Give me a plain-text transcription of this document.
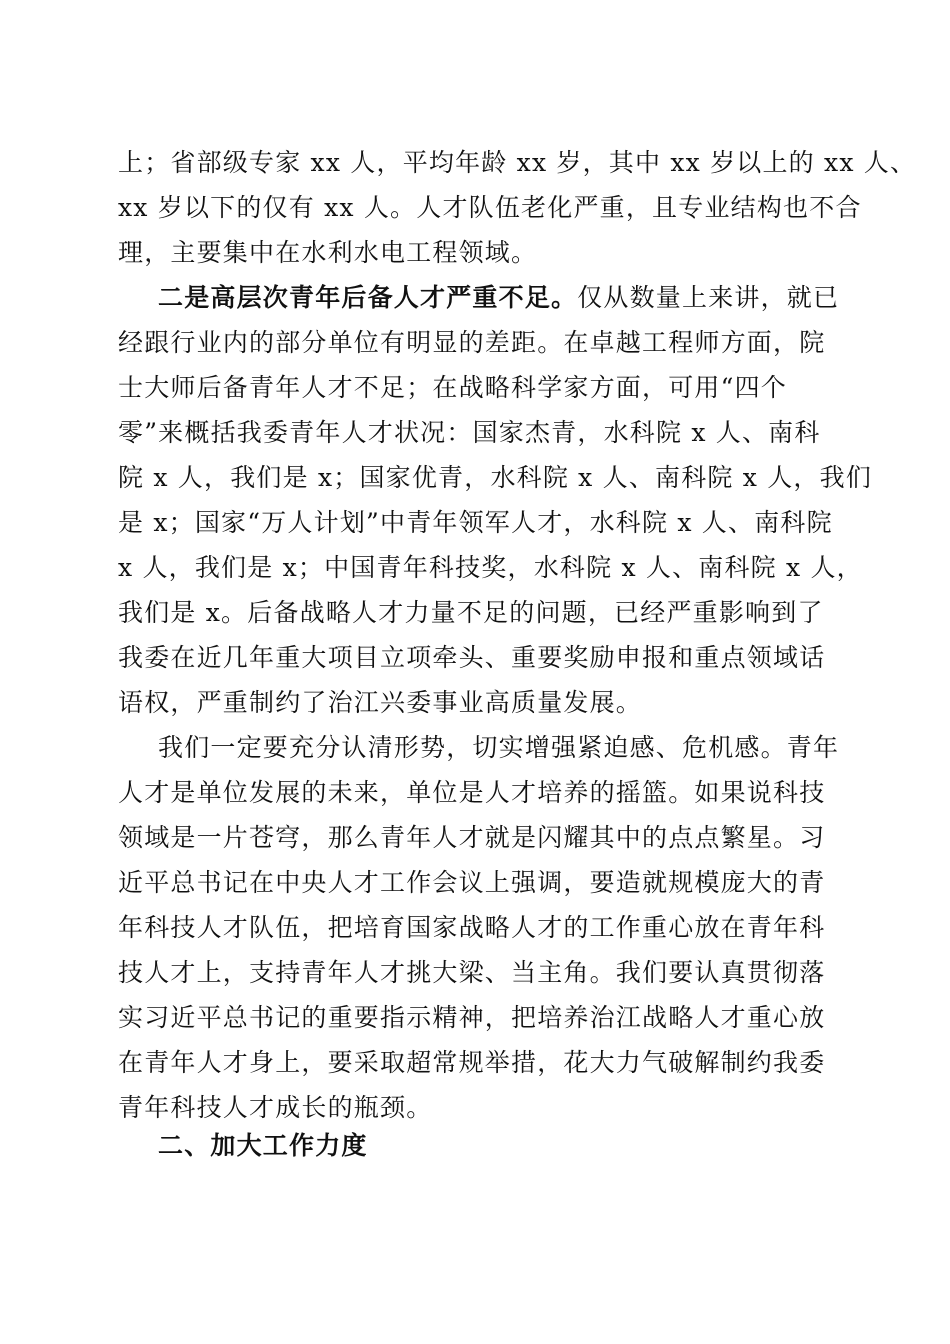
上；省部级专家 xx 人，平均年龄 xx 岁，其中 xx 岁以上的 xx 人、
xx 岁以下的仅有 xx 人。人才队伍老化严重，且专业结构也不合
理，主要集中在水利水电工程领域。
二是高层次青年后备人才严重不足。仅从数量上来讲，就已
经跟行业内的部分单位有明显的差距。在卓越工程师方面，院
士大师后备青年人才不足；在战略科学家方面，可用“四个
零”来概括我委青年人才状况：国家杰青，水科院 x 人、南科
院 x 人，我们是 x；国家优青，水科院 x 人、南科院 x 人，我们
是 x；国家“万人计划”中青年领军人才，水科院 x 人、南科院
x 人，我们是 x；中国青年科技奖，水科院 x 人、南科院 x 人，
我们是 x。后备战略人才力量不足的问题，已经严重影响到了
我委在近几年重大项目立项牵头、重要奖励申报和重点领域话
语权，严重制约了治江兴委事业高质量发展。
我们一定要充分认清形势，切实增强紧迫感、危机感。青年
人才是单位发展的未来，单位是人才培养的摇篮。如果说科技
领域是一片苍穹，那么青年人才就是闪耀其中的点点繁星。习
近平总书记在中央人才工作会议上强调，要造就规模庞大的青
年科技人才队伍，把培育国家战略人才的工作重心放在青年科
技人才上，支持青年人才挑大梁、当主角。我们要认真贯彻落
实习近平总书记的重要指示精神，把培养治江战略人才重心放
在青年人才身上，要采取超常规举措，花大力气破解制约我委
青年科技人才成长的瓶颈。
二、加大工作力度
